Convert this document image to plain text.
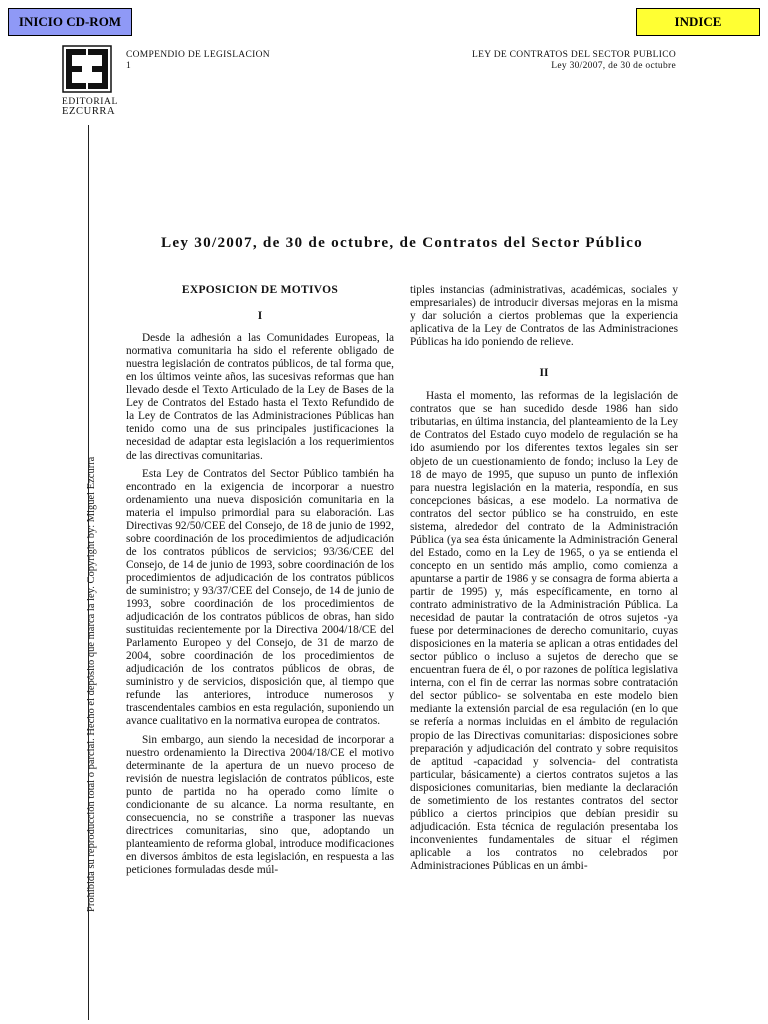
INICIO CD-ROM	INDICE
EDITORIAL
EZCURRA
Prohibida su reproducción total o parcial. Hecho el depósito que marca la ley. Copyright by: Miguel Ezcurra
COMPENDIO DE LEGISLACION
1
LEY DE CONTRATOS DEL SECTOR PUBLICO
Ley 30/2007, de 30 de octubre
Ley 30/2007, de 30 de octubre, de Contratos del Sector Público
EXPOSICION DE MOTIVOS
I

Desde la adhesión a las Comunidades Europeas, la normativa comunitaria ha sido el referente obligado de nuestra legislación de contratos públicos, de tal forma que, en los últimos veinte años, las sucesivas reformas que han llevado desde el Texto Articulado de la Ley de Bases de la Ley de Contratos del Estado hasta el Texto Refundido de la Ley de Contratos de las Administraciones Públicas han tenido como una de sus principales justificaciones la necesidad de adaptar esta legislación a los requerimientos de las directivas comunitarias.

Esta Ley de Contratos del Sector Público también ha encontrado en la exigencia de incorporar a nuestro ordenamiento una nueva disposición comunitaria en la materia el impulso primordial para su elaboración. Las Directivas 92/50/CEE del Consejo, de 18 de junio de 1992, sobre coordinación de los procedimientos de adjudicación de los contratos públicos de servicios; 93/36/CEE del Consejo, de 14 de junio de 1993, sobre coordinación de los procedimientos de adjudicación de los contratos públicos de suministro; y 93/37/CEE del Consejo, de 14 de junio de 1993, sobre coordinación de los procedimientos de adjudicación de los contratos públicos de obras, han sido sustituidas recientemente por la Directiva 2004/18/CE del Parlamento Europeo y del Consejo, de 31 de marzo de 2004, sobre coordinación de los procedimientos de adjudicación de los contratos públicos de obras, de suministro y de servicios, disposición que, al tiempo que refunde las anteriores, introduce numerosos y trascendentales cambios en esta regulación, suponiendo un avance cualitativo en la normativa europea de contratos.

Sin embargo, aun siendo la necesidad de incorporar a nuestro ordenamiento la Directiva 2004/18/CE el motivo determinante de la apertura de un nuevo proceso de revisión de nuestra legislación de contratos públicos, este punto de partida no ha operado como límite o condicionante de su alcance. La norma resultante, en consecuencia, no se constriñe a trasponer las nuevas directrices comunitarias, sino que, adoptando un planteamiento de reforma global, introduce modificaciones en diversos ámbitos de esta legislación, en respuesta a las peticiones formuladas desde múl-

tiples instancias (administrativas, académicas, sociales y empresariales) de introducir diversas mejoras en la misma y dar solución a ciertos problemas que la experiencia aplicativa de la Ley de Contratos de las Administraciones Públicas ha ido poniendo de relieve.

II

Hasta el momento, las reformas de la legislación de contratos que se han sucedido desde 1986 han sido tributarias, en última instancia, del planteamiento de la Ley de Contratos del Estado cuyo modelo de regulación se ha ido asumiendo por los diferentes textos legales sin ser objeto de un cuestionamiento de fondo; incluso la Ley de 18 de mayo de 1995, que supuso un punto de inflexión para nuestra legislación en la materia, respondía, en sus concepciones básicas, a ese modelo. La normativa de contratos del sector público se ha construido, en este sistema, alrededor del contrato de la Administración Pública (ya sea ésta únicamente la Administración General del Estado, como en la Ley de 1965, o ya se entienda el concepto en un sentido más amplio, como comienza a apuntarse a partir de 1986 y se consagra de forma abierta a partir de 1995) y, más específicamente, en torno al contrato administrativo de la Administración Pública. La necesidad de pautar la contratación de otros sujetos -ya fuese por determinaciones de derecho comunitario, cuyas disposiciones en la materia se aplican a otras entidades del sector público o incluso a sujetos de derecho que se encuentran fuera de él, o por razones de política legislativa interna, con el fin de cerrar las normas sobre contratación del sector público- se solventaba en este modelo bien mediante la extensión parcial de esa regulación (en lo que se refería a normas incluidas en el ámbito de regulación propio de las Directivas comunitarias: disposiciones sobre preparación y adjudicación del contrato y sobre requisitos de aptitud -capacidad y solvencia- del contratista particular, básicamente) a ciertos contratos sujetos a las disposiciones comunitarias, bien mediante la declaración de sometimiento de los restantes contratos del sector público a ciertos principios que debían presidir su adjudicación. Esta técnica de regulación presentaba los inconvenientes fundamentales de situar el régimen aplicable a los contratos no celebrados por Administraciones Públicas en un ámbi-
